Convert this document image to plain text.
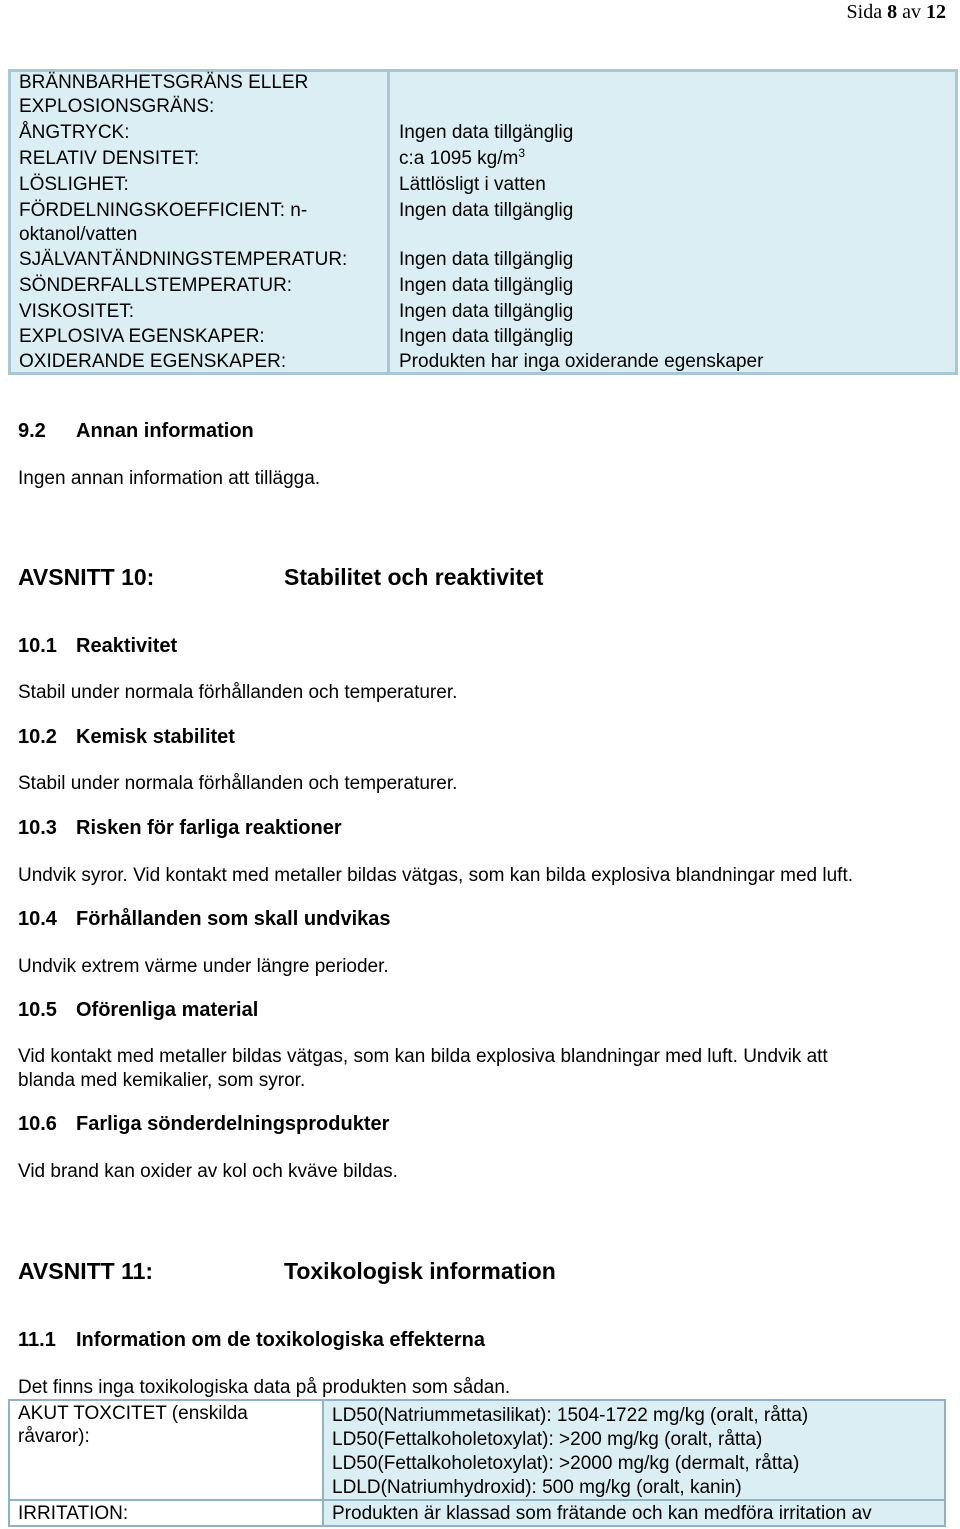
Sida 8 av 12
BRÄNNBARHETSGRÄNS ELLER
EXPLOSIONSGRÄNS:
ÅNGTRYCK:	Ingen data tillgänglig
RELATIV DENSITET:	c:a 1095 $kg/m^3$
LÖSLIGHET:	Lättlösligt i vatten
FÖRDELNINGSKOEFFICIENT: n-	Ingen data tillgänglig
oktanol/vatten
SJÄLVANTÄNDNINGSTEMPERATUR:	Ingen data tillgänglig
SÖNDERFALLSTEMPERATUR:	Ingen data tillgänglig
VISKOSITET:	Ingen data tillgänglig
EXPLOSIVA EGENSKAPER:	Ingen data tillgänglig
OXIDERANDE EGENSKAPER:	Produkten har inga oxiderande egenskaper
9.2 Annan information
Ingen annan information att tillägga.
AVSNITT 10:	Stabilitet och reaktivitet
10.1 Reaktivitet
Stabil under normala förhållanden och temperaturer.
10.2 Kemisk stabilitet
Stabil under normala förhållanden och temperaturer.
10.3 Risken för farliga reaktioner
Undvik syror. Vid kontakt med metaller bildas vätgas, som kan bilda explosiva blandningar med luft.
10.4 Förhållanden som skall undvikas
Undvik extrem värme under längre perioder.
10.5 Oförenliga material
Vid kontakt med metaller bildas vätgas, som kan bilda explosiva blandningar med luft. Undvik att
blanda med kemikalier, som syror.
10.6 Farliga sönderdelningsprodukter
Vid brand kan oxider av kol och kväve bildas.
AVSNITT 11:	Toxikologisk information
11.1 Information om de toxikologiska effekterna
Det finns inga toxikologiska data på produkten som sådan.
AKUT TOXCITET (enskilda
råvaror):
LD50(Natriummetasilikat): 1504-1722 mg/kg (oralt, råtta)
LD50(Fettalkoholetoxylat): >200 mg/kg (oralt, råtta)
LD50(Fettalkoholetoxylat): >2000 mg/kg (dermalt, råtta)
LDLD(Natriumhydroxid): 500 mg/kg (oralt, kanin)
IRRITATION:	Produkten är klassad som frätande och kan medföra irritation av
